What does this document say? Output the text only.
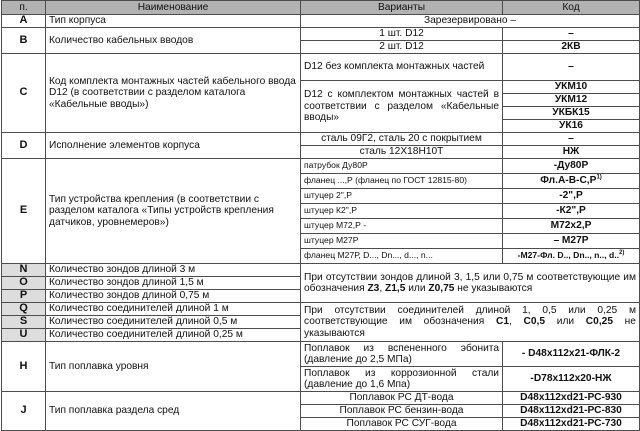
п.	Наименование	Варианты	Код
А	Тип корпуса	Зарезервировано –	
В	Количество кабельных вводов	1 шт. D12	–
		2 шт. D12	2КВ
С	Код комплекта монтажных частей кабельного ввода D12 (в соответствии с разделом каталога «Кабельные вводы»)	D12 без комплекта монтажных частей	–
		D12 с комплектом монтажных частей в соответствии с разделом «Кабельные вводы»	УКМ10
			УКМ12
			УКБК15
			УК16
D	Исполнение элементов корпуса	сталь 09Г2, сталь 20 с покрытием	–
		сталь 12Х18Н10Т	НЖ
Е	Тип устройства крепления (в соответствии с разделом каталога «Типы устройств крепления датчиков, уровнемеров»)	патрубок Ду80Р	-Ду80Р
		фланец ...,Р (фланец по ГОСТ 12815-80)	$Фл.А-В-С,Р^{1)}$
		штуцер 2",Р	-2",Р
		штуцер К2",Р	-К2",Р
		штуцер М72,Р -	М72х2,Р
		штуцер М27Р	– М27Р
		фланец М27Р, D..., Dn..., d..., n...	-М27-Фл. D.., Dn.., n.., d..$^{2)}$
N	Количество зондов длиной 3 м	При отсутствии зондов длиной 3, 1,5 или 0,75 м соответствующие им обозначения Z3, Z1,5 или Z0,75 не указываются	
O	Количество зондов длиной 1,5 м		
P	Количество зондов длиной 0,75 м		
Q	Количество соединителей длиной 1 м	При отсутствии соединителей длиной 1, 0,5 или 0,25 м соответствующие им обозначения С1, С0,5 или С0,25 не указываются	
S	Количество соединителей длиной 0,5 м		
U	Количество соединителей длиной 0,25 м		
H	Тип поплавка уровня	Поплавок из вспененного эбонита (давление до 2,5 МПа)	- D48х112х21-ФЛК-2
		Поплавок из коррозионной стали (давление до 1,6 Мпа)	-D78х112х20-НЖ
J	Тип поплавка раздела сред	Поплавок РС ДТ-вода	D48х112хd21-РС-930
		Поплавок РС бензин-вода	D48х112хd21-РС-830
		Поплавок РС СУГ-вода	D48х112хd21-РС-730
